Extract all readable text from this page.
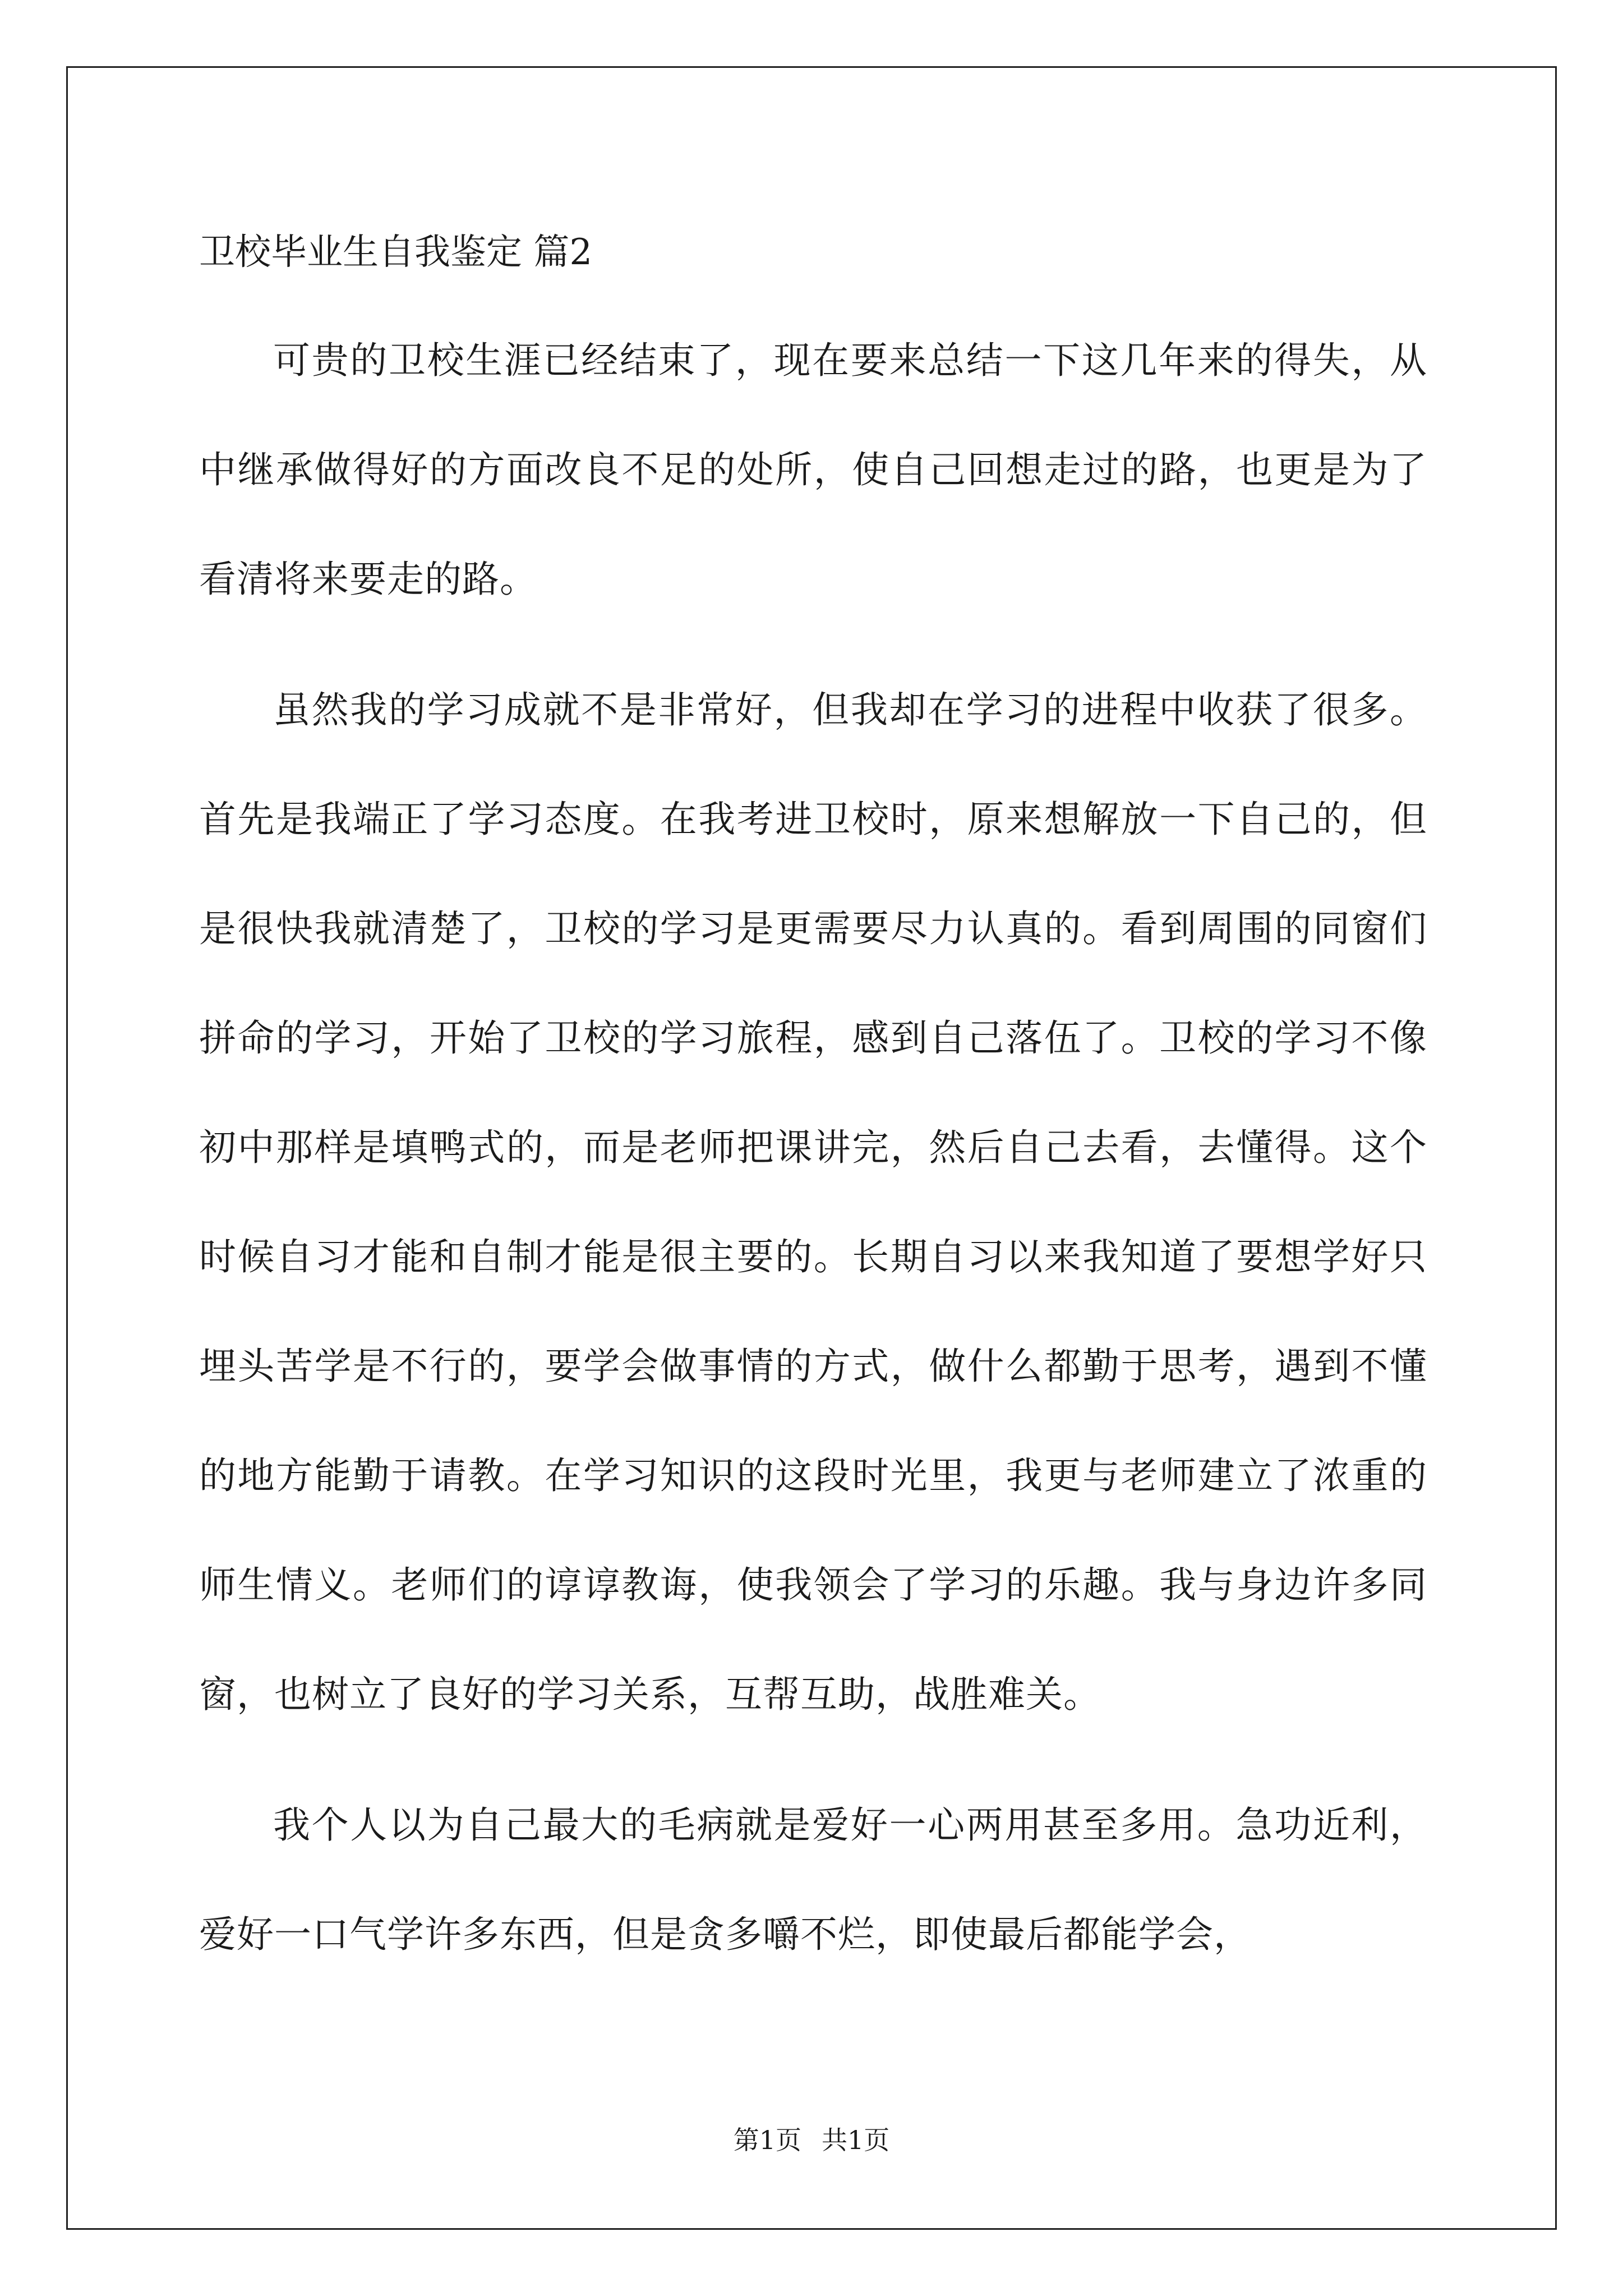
卫校毕业生自我鉴定 篇2

可贵的卫校生涯已经结束了，现在要来总结一下这几年来的得失，从中继承做得好的方面改良不足的处所，使自己回想走过的路，也更是为了看清将来要走的路。

虽然我的学习成就不是非常好，但我却在学习的进程中收获了很多。首先是我端正了学习态度。在我考进卫校时，原来想解放一下自己的，但是很快我就清楚了，卫校的学习是更需要尽力认真的。看到周围的同窗们拼命的学习，开始了卫校的学习旅程，感到自己落伍了。卫校的学习不像初中那样是填鸭式的，而是老师把课讲完，然后自己去看，去懂得。这个时候自习才能和自制才能是很主要的。长期自习以来我知道了要想学好只埋头苦学是不行的，要学会做事情的方式，做什么都勤于思考，遇到不懂的地方能勤于请教。在学习知识的这段时光里，我更与老师建立了浓重的师生情义。老师们的谆谆教诲，使我领会了学习的乐趣。我与身边许多同窗，也树立了良好的学习关系，互帮互助，战胜难关。

我个人以为自己最大的毛病就是爱好一心两用甚至多用。急功近利，爱好一口气学许多东西，但是贪多嚼不烂，即使最后都能学会，

第1页 共1页
